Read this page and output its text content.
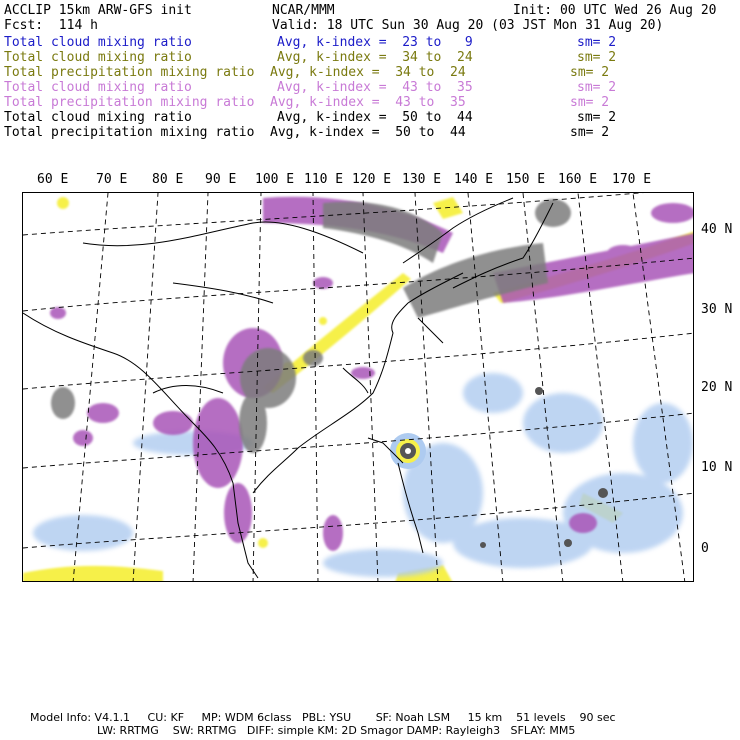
ACCLIP 15km ARW-GFS init	NCAR/MMM	Init: 00 UTC Wed 26 Aug 20
Fcst:  114 h	Valid: 18 UTC Sun 30 Aug 20 (03 JST Mon 31 Aug 20)
Total cloud mixing ratio	Avg, k-index =  23 to   9	sm= 2
Total cloud mixing ratio	Avg, k-index =  34 to  24	sm= 2
Total precipitation mixing ratio Avg, k-index =  34 to  24	sm= 2
Total cloud mixing ratio	Avg, k-index =  43 to  35	sm= 2
Total precipitation mixing ratio Avg, k-index =  43 to  35	sm= 2
Total cloud mixing ratio	Avg, k-index =  50 to  44	sm= 2
Total precipitation mixing ratio Avg, k-index =  50 to  44	sm= 2
60 E 70 E 80 E 90 E 100 E 110 E 120 E 130 E 140 E 150 E 160 E 170 E
40 N
30 N
20 N
10 N
0
Model Info: V4.1.1     CU: KF     MP: WDM 6class   PBL: YSU       SF: Noah LSM     15 km    51 levels    90 sec
LW: RRTMG    SW: RRTMG   DIFF: simple KM: 2D Smagor DAMP: Rayleigh3   SFLAY: MM5
